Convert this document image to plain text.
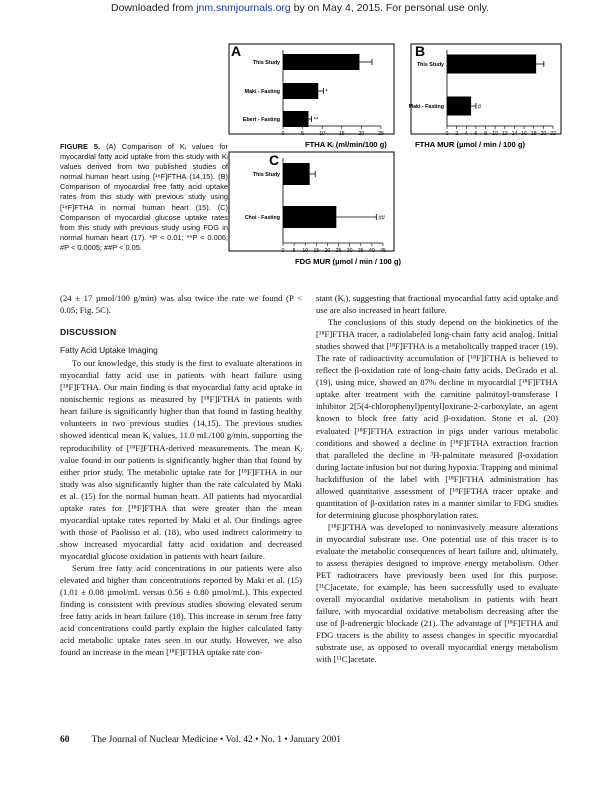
Downloaded from jnm.snmjournals.org by on May 4, 2015. For personal use only.
A
0	5	10	15	20	25
This Study
Maki - Fasting	*
Ebert - Fasting	**
FTHA Kᵢ (ml/min/100 g)
B
0 2 4 6 8 10 12 14 16 18 20 22
This Study
Maki - Fasting	#
FTHA MUR (µmol / min / 100 g)
C
0 5 10 15 20 25 30 35 40 45
This Study
Choi - Fasting	##
FDG MUR (µmol / min / 100 g)
FIGURE 5. (A) Comparison of Kᵢ values for myocardial fatty acid uptake from this study with Kᵢ values derived from two published studies of normal human heart using [¹⁸F]FTHA (14,15). (B) Comparison of myocardial free fatty acid uptake rates from this study with previous study using [¹⁸F]FTHA in normal human heart (15). (C) Comparison of myocardial glucose uptake rates from this study with previous study using FDG in normal human heart (17). *P < 0.01; **P < 0.006; #P < 0.0005; ##P < 0.05.

(24 ± 17 µmol/100 g/min) was also twice the rate we found (P < 0.05; Fig. 5C).

DISCUSSION

Fatty Acid Uptake Imaging

To our knowledge, this study is the first to evaluate alterations in myocardial fatty acid use in patients with heart failure using [¹⁸F]FTHA. Our main finding is that myocardial fatty acid uptake in nonischemic regions as measured by [¹⁸F]FTHA in patients with heart failure is significantly higher than that found in fasting healthy volunteers in two previous studies (14,15). The previous studies showed identical mean Kᵢ values, 11.0 mL/100 g/min, supporting the reproducibility of [¹⁸F]FTHA-derived measurements. The mean Kᵢ value found in our patients is significantly higher than that found by either prior study. The metabolic uptake rate for [¹⁸F]FTHA in our study was also significantly higher than the rate calculated by Maki et al. (15) for the normal human heart. All patients had myocardial uptake rates for [¹⁸F]FTHA that were greater than the mean myocardial uptake rates reported by Maki et al. Our findings agree with those of Paolisso et al. (18), who used indirect calorimetry to show increased myocardial fatty acid oxidation and decreased myocardial glucose oxidation in patients with heart failure.

Serum free fatty acid concentrations in our patients were also elevated and higher than concentrations reported by Maki et al. (15) (1.01 ± 0.08 µmol/mL versus 0.56 ± 0.80 µmol/mL). This expected finding is consistent with previous studies showing elevated serum free fatty acids in heart failure (18). This increase in serum free fatty acid concentrations could partly explain the higher calculated fatty acid metabolic uptake rates seen in our study. However, we also found an increase in the mean [¹⁸F]FTHA uptake rate con-

stant (Kᵢ), suggesting that fractional myocardial fatty acid uptake and use are also increased in heart failure.

The conclusions of this study depend on the biokinetics of the [¹⁸F]FTHA tracer, a radiolabeled long-chain fatty acid analog. Initial studies showed that [¹⁸F]FTHA is a metabolically trapped tracer (19). The rate of radioactivity accumulation of [¹⁸F]FTHA is believed to reflect the β-oxidation rate of long-chain fatty acids. DeGrado et al. (19), using mice, showed an 87% decline in myocardial [¹⁸F]FTHA uptake after treatment with the carnitine palmitoyl-transferase I inhibitor 2[5(4-chlorophenyl)pentyl]oxirane-2-carboxylate, an agent known to block free fatty acid β-oxidation. Stone et al. (20) evaluated [¹⁸F]FTHA extraction in pigs under various metabolic conditions and showed a decline in [¹⁸F]FTHA extraction fraction that paralleled the decline in ³H-palmitate measured β-oxidation during lactate infusion but not during hypoxia. Trapping and minimal backdiffusion of the label with [¹⁸F]FTHA administration has allowed quantitative assessment of [¹⁸F]FTHA tracer uptake and quantitation of β-oxidation rates in a manner similar to FDG studies for determining glucose phosphorylation rates.

[¹⁸F]FTHA was developed to noninvasively measure alterations in myocardial substrate use. One potential use of this tracer is to evaluate the metabolic consequences of heart failure and, ultimately, to assess therapies designed to improve energy metabolism. Other PET radiotracers have previously been used for this purpose. [¹¹C]acetate, for example, has been successfully used to evaluate overall myocardial oxidative metabolism in patients with heart failure, with myocardial oxidative metabolism decreasing after the use of β-adrenergic blockade (21). The advantage of [¹⁸F]FTHA and FDG tracers is the ability to assess changes in specific myocardial substrate use, as opposed to overall myocardial energy metabolism with [¹¹C]acetate.

60 The Journal of Nuclear Medicine • Vol. 42 • No. 1 • January 2001
